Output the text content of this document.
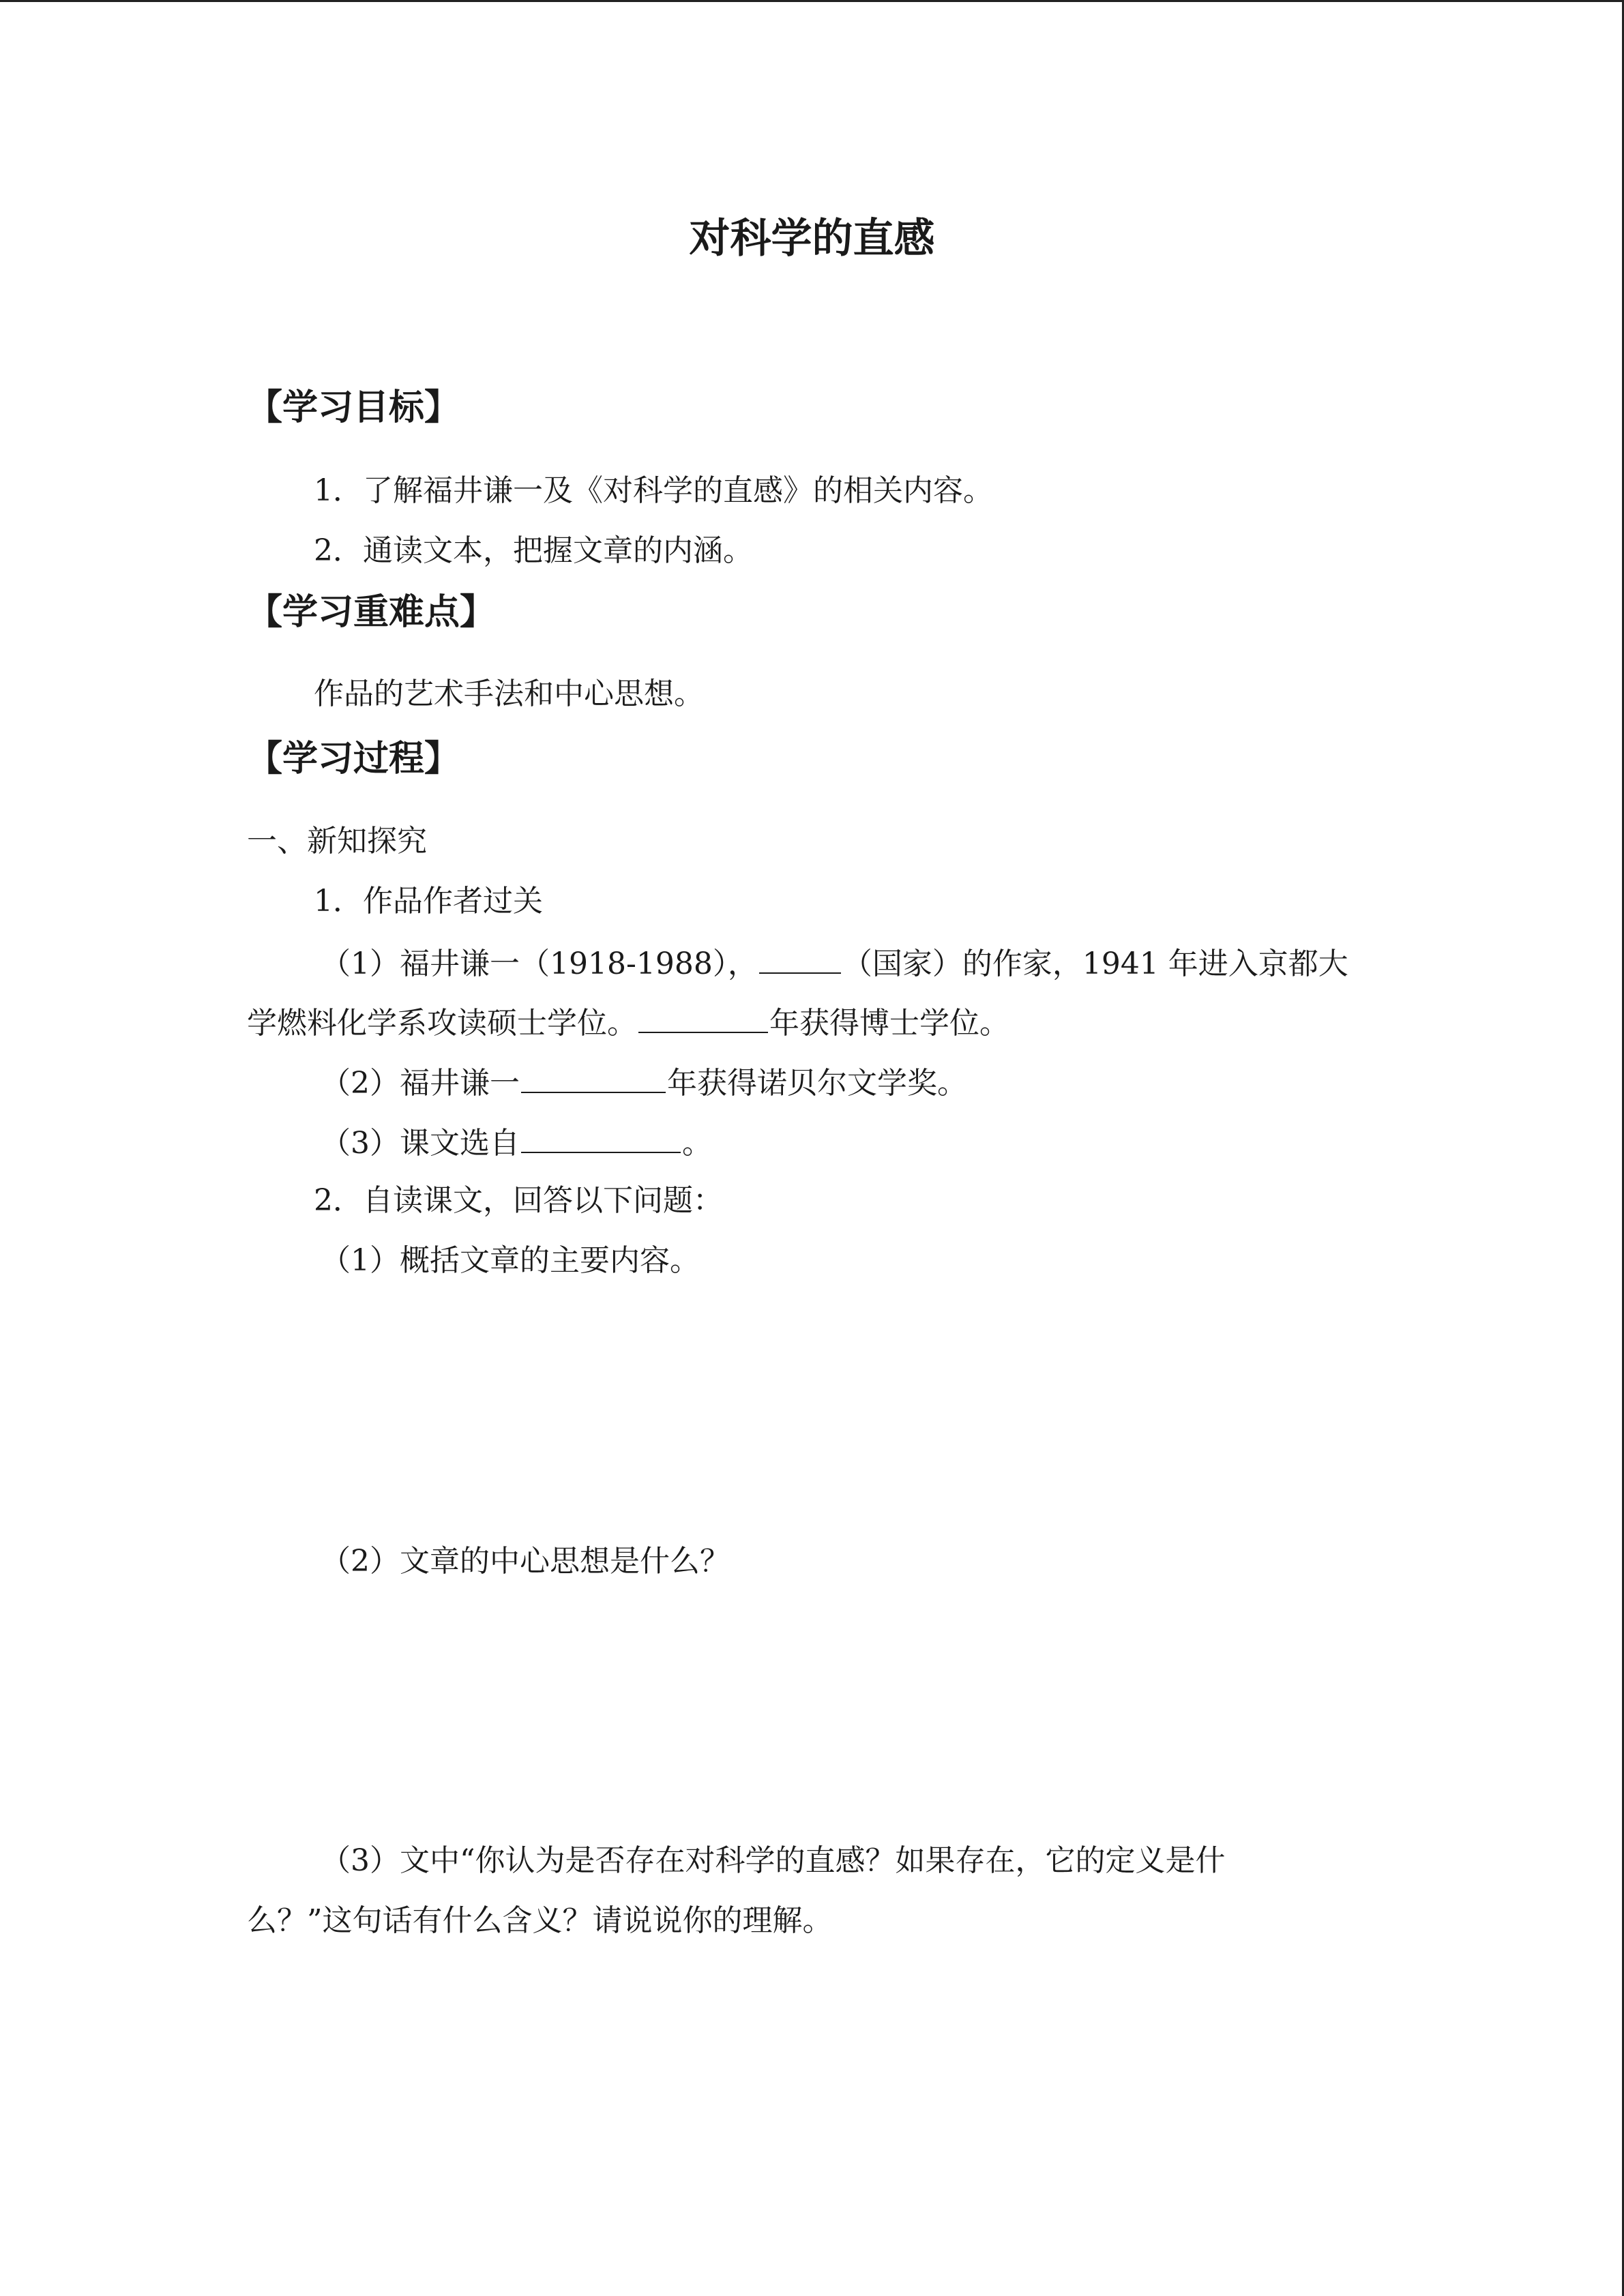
对科学的直感
【学习目标】
1．了解福井谦一及《对科学的直感》的相关内容。
2．通读文本，把握文章的内涵。
【学习重难点】
作品的艺术手法和中心思想。
【学习过程】
一、新知探究
1．作品作者过关
（1）福井谦一（1918-1988），	（国家）的作家，1941 年进入京都大
学燃料化学系攻读硕士学位。	年获得博士学位。
（2）福井谦一	年获得诺贝尔文学奖。
（3）课文选自	。
2．自读课文，回答以下问题：
（1）概括文章的主要内容。
（2）文章的中心思想是什么？
（3）文中“你认为是否存在对科学的直感？如果存在，它的定义是什
么？”这句话有什么含义？请说说你的理解。
